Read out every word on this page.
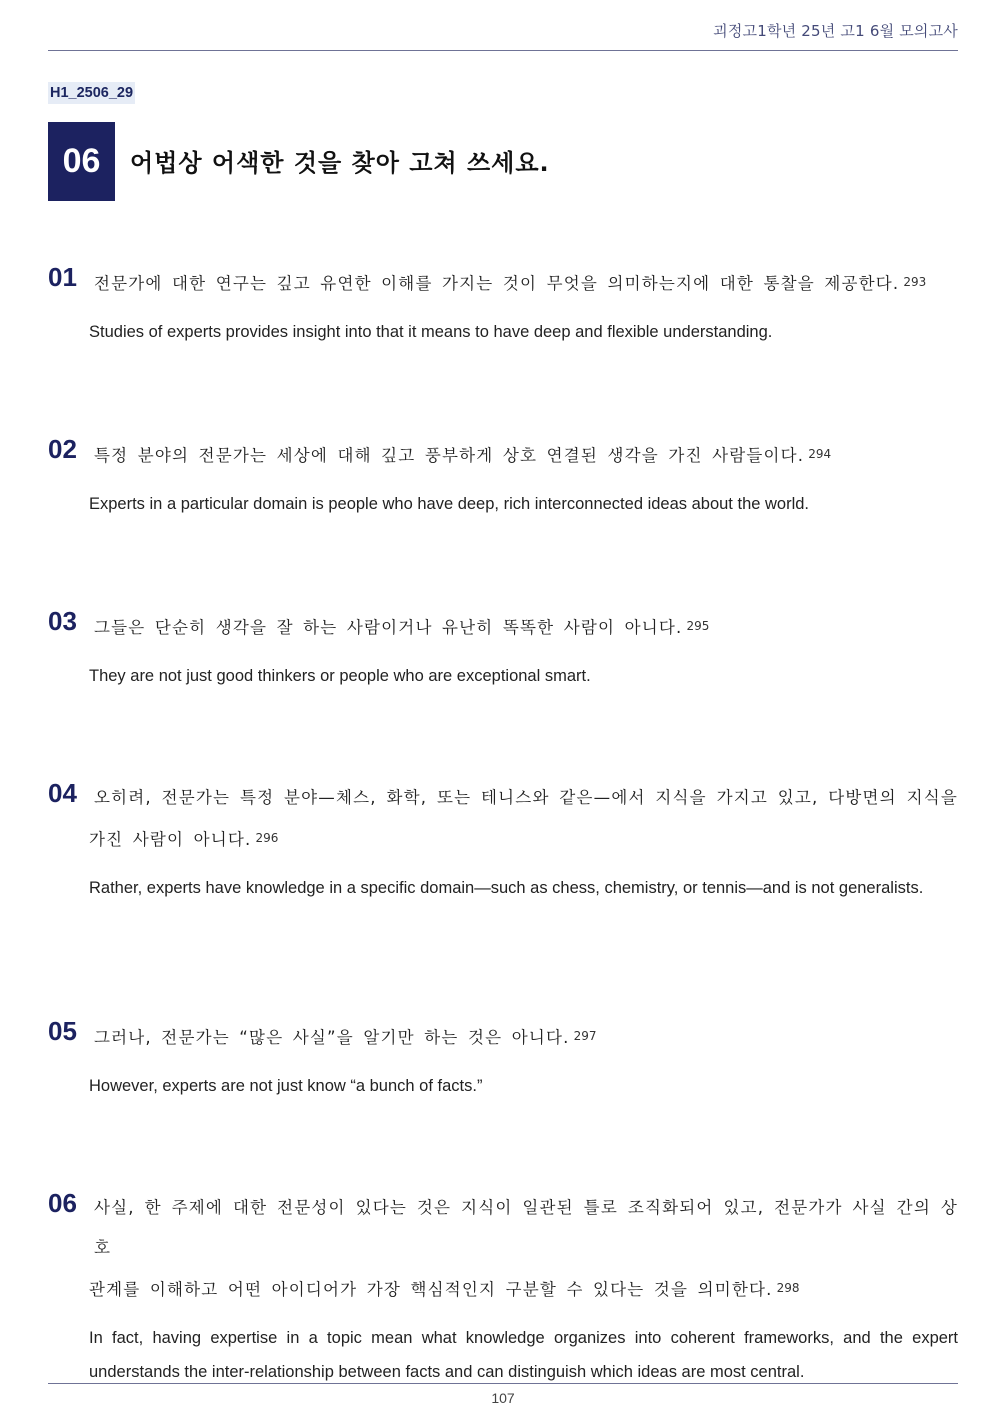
괴정고1학년 25년 고1 6월 모의고사
H1_2506_29
06 어법상 어색한 것을 찾아 고쳐 쓰세요.
01	전문가에 대한 연구는 깊고 유연한 이해를 가지는 것이 무엇을 의미하는지에 대한 통찰을 제공한다. 293
Studies of experts provides insight into that it means to have deep and flexible understanding.
02	특정 분야의 전문가는 세상에 대해 깊고 풍부하게 상호 연결된 생각을 가진 사람들이다. 294
Experts in a particular domain is people who have deep, rich interconnected ideas about the world.
03	그들은 단순히 생각을 잘 하는 사람이거나 유난히 똑똑한 사람이 아니다. 295
They are not just good thinkers or people who are exceptional smart.
04	오히려, 전문가는 특정 분야—체스, 화학, 또는 테니스와 같은—에서 지식을 가지고 있고, 다방면의 지식을
가진 사람이 아니다. 296
Rather, experts have knowledge in a specific domain—such as chess, chemistry, or tennis—and is not generalists.
05	그러나, 전문가는 “많은 사실”을 알기만 하는 것은 아니다. 297
However, experts are not just know “a bunch of facts.”
06	사실, 한 주제에 대한 전문성이 있다는 것은 지식이 일관된 틀로 조직화되어 있고, 전문가가 사실 간의 상호
관계를 이해하고 어떤 아이디어가 가장 핵심적인지 구분할 수 있다는 것을 의미한다. 298
In fact, having expertise in a topic mean what knowledge organizes into coherent frameworks, and the expert understands the inter-relationship between facts and can distinguish which ideas are most central.
107
